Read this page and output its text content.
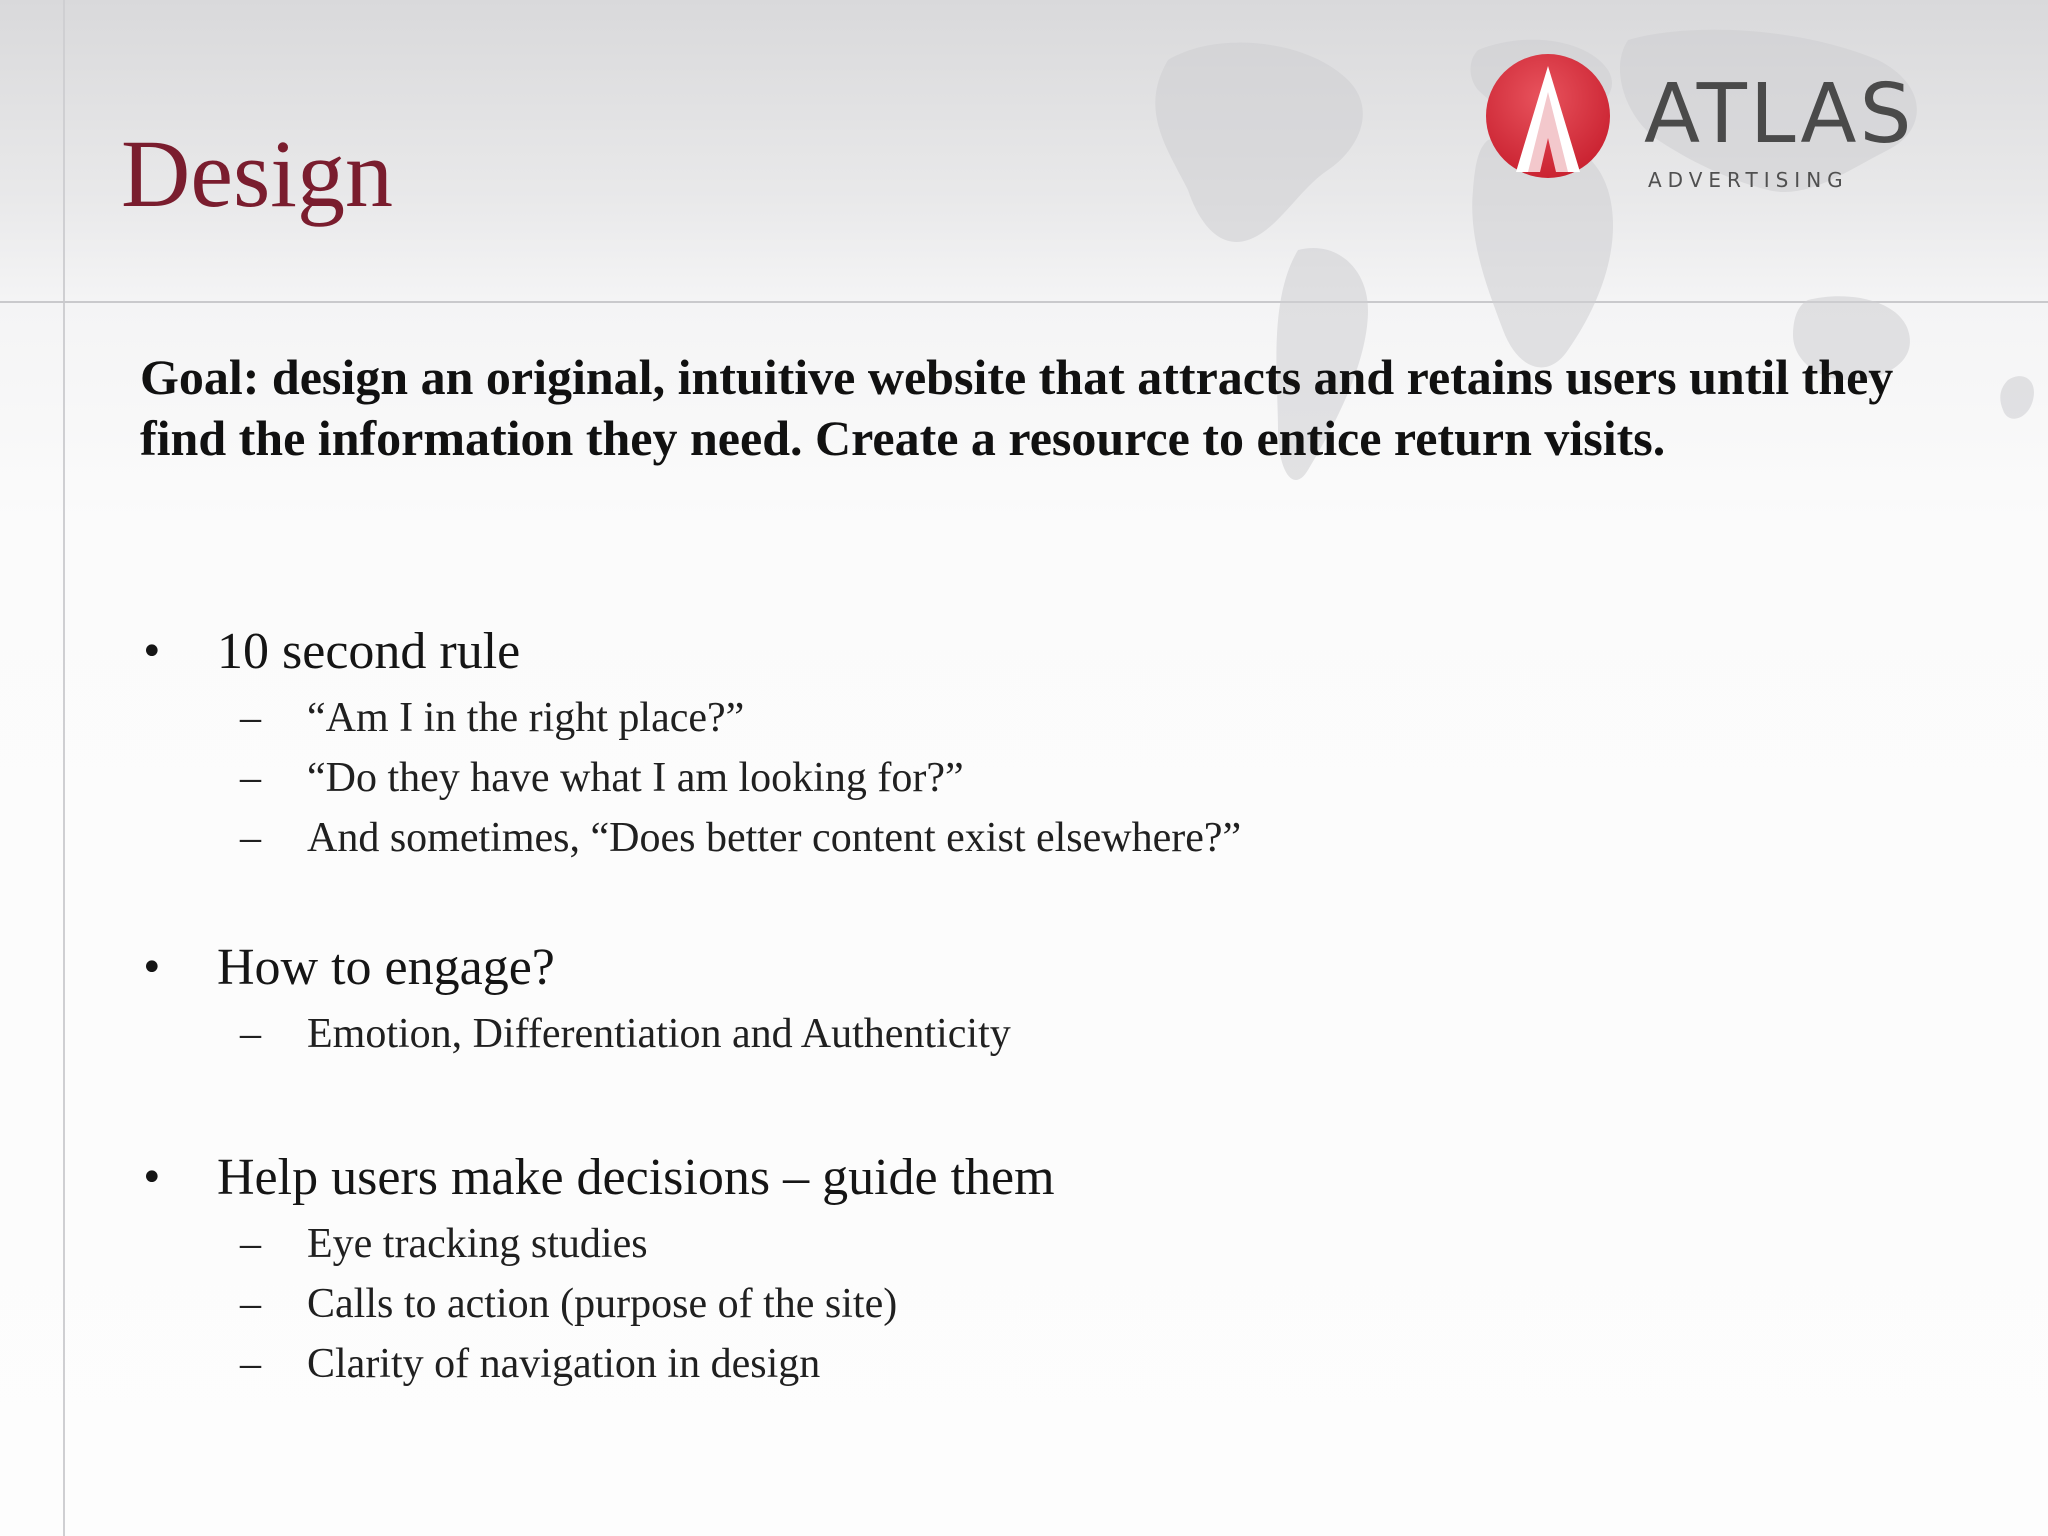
Design
ATLAS
ADVERTISING

Goal: design an original, intuitive website that attracts and retains users until they find the information they need. Create a resource to entice return visits.

• 10 second rule
– “Am I in the right place?”
– “Do they have what I am looking for?”
– And sometimes, “Does better content exist elsewhere?”
• How to engage?
– Emotion, Differentiation and Authenticity
• Help users make decisions – guide them
– Eye tracking studies
– Calls to action (purpose of the site)
– Clarity of navigation in design
